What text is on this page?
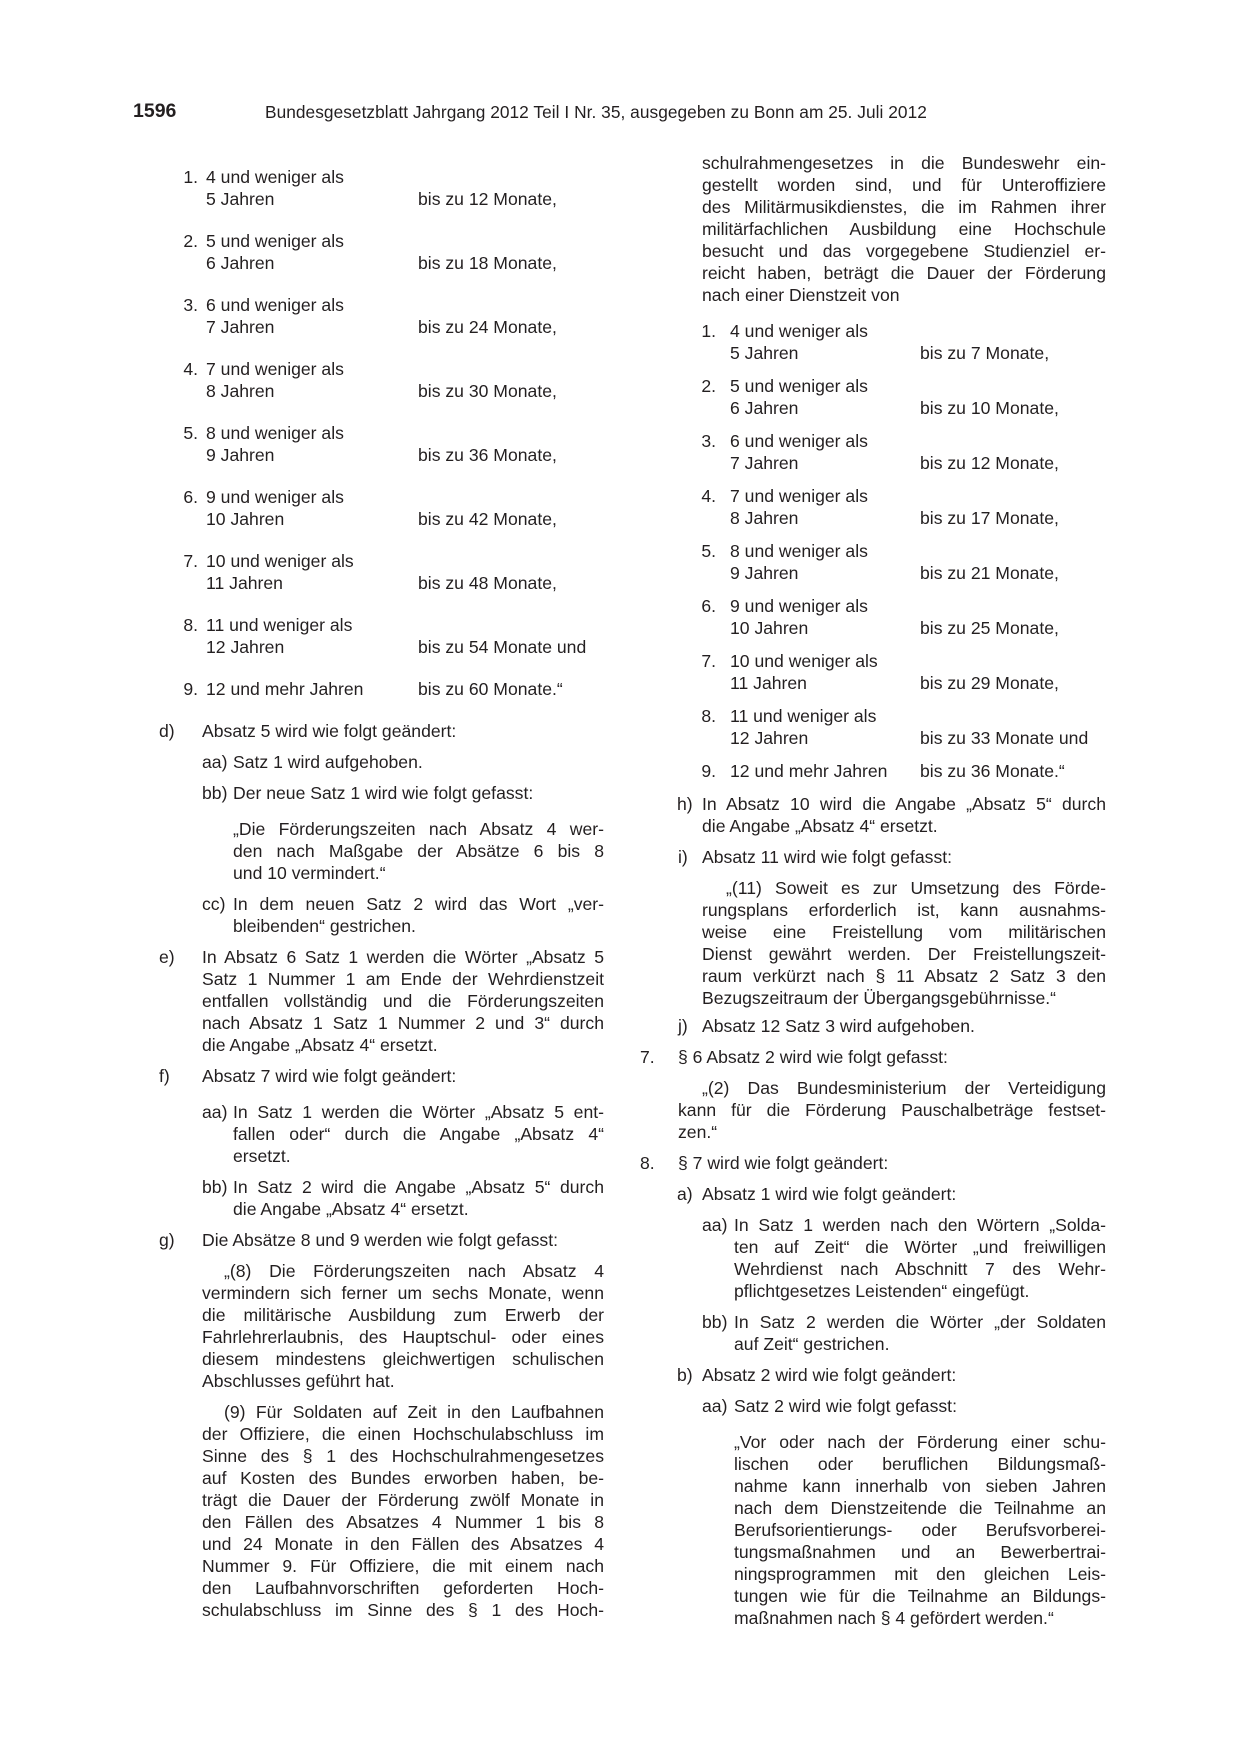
1596	Bundesgesetzblatt Jahrgang 2012 Teil I Nr. 35, ausgegeben zu Bonn am 25. Juli 2012
1. 4 und weniger als
5 Jahren	bis zu 12 Monate,
2. 5 und weniger als
6 Jahren	bis zu 18 Monate,
3. 6 und weniger als
7 Jahren	bis zu 24 Monate,
4. 7 und weniger als
8 Jahren	bis zu 30 Monate,
5. 8 und weniger als
9 Jahren	bis zu 36 Monate,
6. 9 und weniger als
10 Jahren	bis zu 42 Monate,
7. 10 und weniger als
11 Jahren	bis zu 48 Monate,
8. 11 und weniger als
12 Jahren	bis zu 54 Monate und
9. 12 und mehr Jahren	bis zu 60 Monate.“
d)	Absatz 5 wird wie folgt geändert:

aa) Satz 1 wird aufgehoben.

bb) Der neue Satz 1 wird wie folgt gefasst:

„Die Förderungszeiten nach Absatz 4 wer-
den nach Maßgabe der Absätze 6 bis 8
und 10 vermindert.“
cc) In dem neuen Satz 2 wird das Wort „ver-
bleibenden“ gestrichen.
e) In Absatz 6 Satz 1 werden die Wörter „Absatz 5
Satz 1 Nummer 1 am Ende der Wehrdienstzeit
entfallen vollständig und die Förderungszeiten
nach Absatz 1 Satz 1 Nummer 2 und 3“ durch
die Angabe „Absatz 4“ ersetzt.
f)	Absatz 7 wird wie folgt geändert:

aa) In Satz 1 werden die Wörter „Absatz 5 ent-
fallen oder“ durch die Angabe „Absatz 4“
ersetzt.
bb) In Satz 2 wird die Angabe „Absatz 5“ durch
die Angabe „Absatz 4“ ersetzt.
g)	Die Absätze 8 und 9 werden wie folgt gefasst:

„(8) Die Förderungszeiten nach Absatz 4
vermindern sich ferner um sechs Monate, wenn
die militärische Ausbildung zum Erwerb der
Fahrlehrerlaubnis, des Hauptschul- oder eines
diesem mindestens gleichwertigen schulischen
Abschlusses geführt hat.
(9) Für Soldaten auf Zeit in den Laufbahnen
der Offiziere, die einen Hochschulabschluss im
Sinne des § 1 des Hochschulrahmengesetzes
auf Kosten des Bundes erworben haben, be-
trägt die Dauer der Förderung zwölf Monate in
den Fällen des Absatzes 4 Nummer 1 bis 8
und 24 Monate in den Fällen des Absatzes 4
Nummer 9. Für Offiziere, die mit einem nach
den Laufbahnvorschriften geforderten Hoch-
schulabschluss im Sinne des § 1 des Hoch-
schulrahmengesetzes in die Bundeswehr ein-
gestellt worden sind, und für Unteroffiziere
des Militärmusikdienstes, die im Rahmen ihrer
militärfachlichen Ausbildung eine Hochschule
besucht und das vorgegebene Studienziel er-
reicht haben, beträgt die Dauer der Förderung
nach einer Dienstzeit von
1. 4 und weniger als
5 Jahren	bis zu 7 Monate,
2. 5 und weniger als
6 Jahren	bis zu 10 Monate,
3. 6 und weniger als
7 Jahren	bis zu 12 Monate,
4. 7 und weniger als
8 Jahren	bis zu 17 Monate,
5. 8 und weniger als
9 Jahren	bis zu 21 Monate,
6. 9 und weniger als
10 Jahren	bis zu 25 Monate,
7. 10 und weniger als
11 Jahren	bis zu 29 Monate,
8. 11 und weniger als
12 Jahren	bis zu 33 Monate und
9. 12 und mehr Jahren bis zu 36 Monate.“
h) In Absatz 10 wird die Angabe „Absatz 5“ durch
die Angabe „Absatz 4“ ersetzt.
i) Absatz 11 wird wie folgt gefasst:

„(11) Soweit es zur Umsetzung des Förde-
rungsplans erforderlich ist, kann ausnahms-
weise eine Freistellung vom militärischen
Dienst gewährt werden. Der Freistellungszeit-
raum verkürzt nach § 11 Absatz 2 Satz 3 den
Bezugszeitraum der Übergangsgebührnisse.“
j) Absatz 12 Satz 3 wird aufgehoben.

7.	§ 6 Absatz 2 wird wie folgt gefasst:

„(2) Das Bundesministerium der Verteidigung
kann für die Förderung Pauschalbeträge festset-
zen.“
8.	§ 7 wird wie folgt geändert:

a) Absatz 1 wird wie folgt geändert:

aa) In Satz 1 werden nach den Wörtern „Solda-
ten auf Zeit“ die Wörter „und freiwilligen
Wehrdienst nach Abschnitt 7 des Wehr-
pflichtgesetzes Leistenden“ eingefügt.
bb) In Satz 2 werden die Wörter „der Soldaten
auf Zeit“ gestrichen.
b) Absatz 2 wird wie folgt geändert:

aa) Satz 2 wird wie folgt gefasst:

„Vor oder nach der Förderung einer schu-
lischen oder beruflichen Bildungsmaß-
nahme kann innerhalb von sieben Jahren
nach dem Dienstzeitende die Teilnahme an
Berufsorientierungs- oder Berufsvorberei-
tungsmaßnahmen und an Bewerbertrai-
ningsprogrammen mit den gleichen Leis-
tungen wie für die Teilnahme an Bildungs-
maßnahmen nach § 4 gefördert werden.“
